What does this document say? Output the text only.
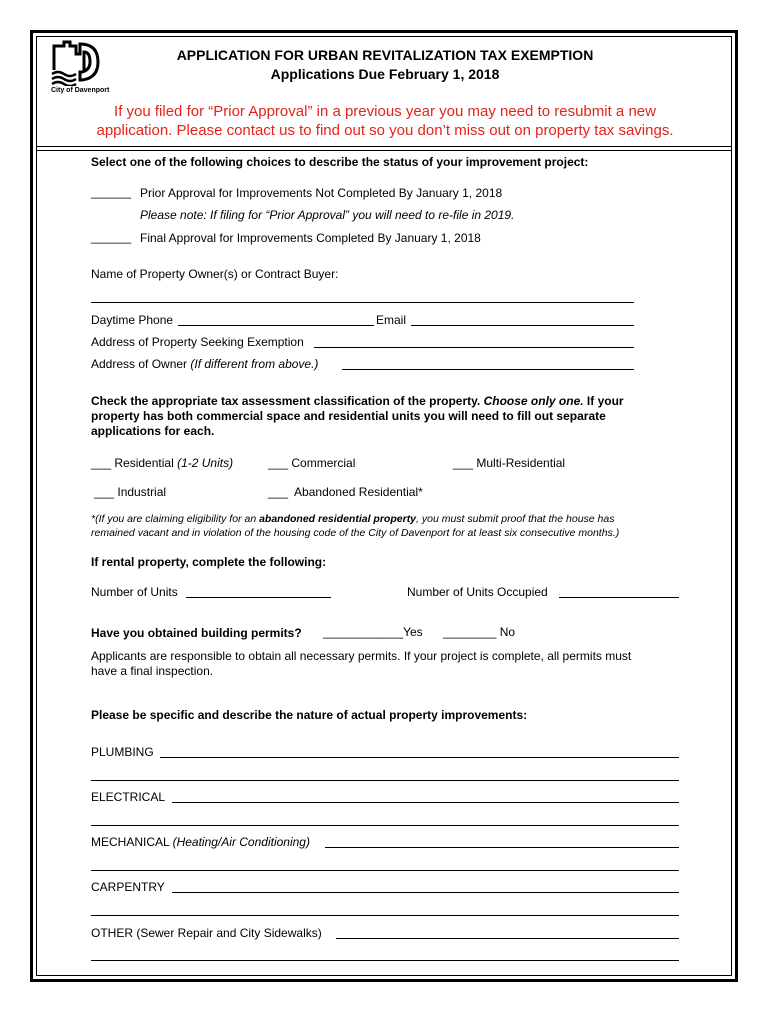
City of Davenport
APPLICATION FOR URBAN REVITALIZATION TAX EXEMPTION
Applications Due February 1, 2018
If you filed for “Prior Approval” in a previous year you may need to resubmit a new
application. Please contact us to find out so you don’t miss out on property tax savings.
Select one of the following choices to describe the status of your improvement project:
______ Prior Approval for Improvements Not Completed By January 1, 2018
Please note: If filing for “Prior Approval” you will need to re-file in 2019.
______ Final Approval for Improvements Completed By January 1, 2018
Name of Property Owner(s) or Contract Buyer:
Daytime Phone	Email
Address of Property Seeking Exemption
Address of Owner (If different from above.)
Check the appropriate tax assessment classification of the property. Choose only one. If your
property has both commercial space and residential units you will need to fill out separate
applications for each.
___ Residential (1-2 Units)	___ Commercial	___ Multi-Residential
___ Industrial	___ Abandoned Residential*
*(If you are claiming eligibility for an abandoned residential property, you must submit proof that the house has
remained vacant and in violation of the housing code of the City of Davenport for at least six consecutive months.)
If rental property, complete the following:
Number of Units	Number of Units Occupied
Have you obtained building permits? ____________Yes ________ No
Applicants are responsible to obtain all necessary permits. If your project is complete, all permits must
have a final inspection.
Please be specific and describe the nature of actual property improvements:
PLUMBING
ELECTRICAL
MECHANICAL (Heating/Air Conditioning)
CARPENTRY
OTHER (Sewer Repair and City Sidewalks)
